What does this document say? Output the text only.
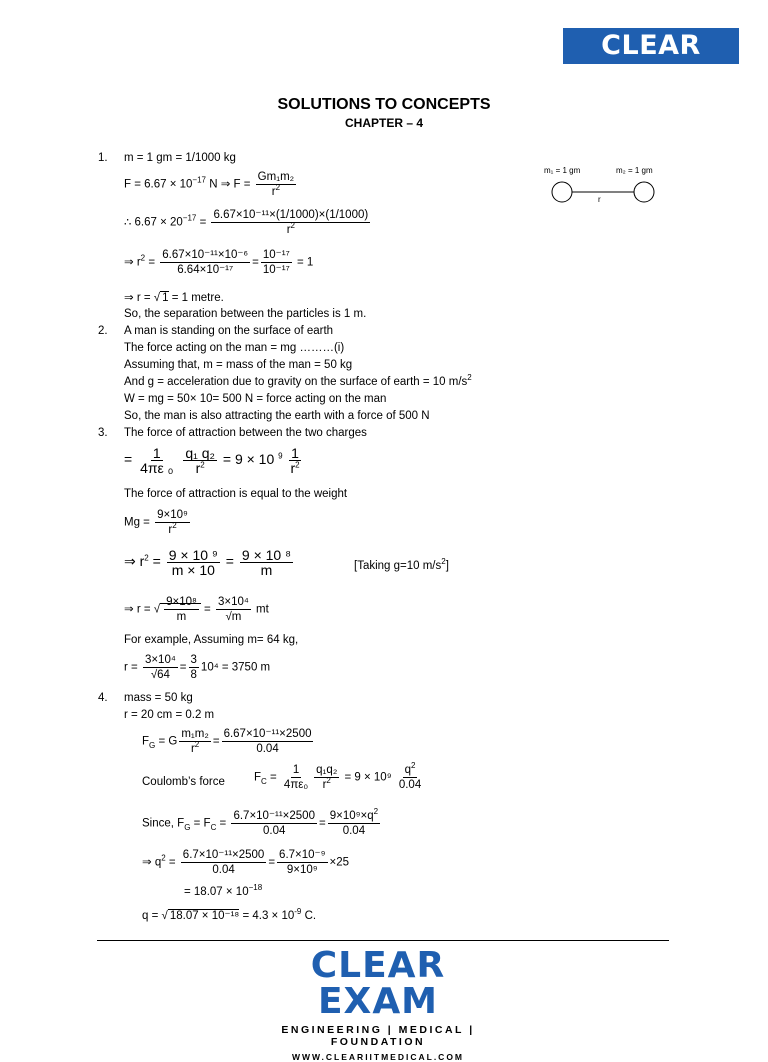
CLEAR EXAM
SOLUTIONS TO CONCEPTS
CHAPTER – 4
m₁ = 1 gm	m₂ = 1 gm
r
1. m = 1 gm = 1/1000 kg
$F = 6.67 \times 10^{-17}$ N ⇒ $F = \frac{\text{Gm₁m₂}}{r^2}$
∴ $6.67 \times 20^{-17} = \frac{\text{6.67×10⁻¹¹×(1/1000)×(1/1000)}}{r^2}$
⇒ $r^2 = \frac{\text{6.67×10⁻¹¹×10⁻⁶}}{\text{6.64×10⁻¹⁷}} = \frac{\text{10⁻¹⁷}}{\text{10⁻¹⁷}} = 1$
⇒ r = √ 1 = 1 metre.
So, the separation between the particles is 1 m.
2. A man is standing on the surface of earth
The force acting on the man = mg ………(i)
Assuming that, m = mass of the man = 50 kg
And g = acceleration due to gravity on the surface of earth = 10 $m/s^2$
W = mg = 50× 10= 500 N = force acting on the man
So, the man is also attracting the earth with a force of 500 N
3. The force of attraction between the two charges
= $\frac{1}{\text{4πε ₀}}$
$\frac{\text{q₁ q₂}}{r^2} = 9 \times 10$ $^9 \frac{1}{r^2}$
The force of attraction is equal to the weight
$Mg = \frac{\text{9×10⁹}}{r^2}$
⇒ $r^2 = \frac{\text{9 × 10 ⁹}}{m \times 10} = \frac{\text{9 × 10 ⁸}}{m}$	[Taking g=10 $m/s^2$]
⇒ r = √ $\frac{\text{9×10⁸}}{m} = \frac{\text{3×10⁴}}{√m}$ mt
For example, Assuming m= 64 kg,
$r = \frac{\text{3×10⁴}}{√64} = \frac{3}{8} 10^4 = 3750$ m
4. mass = 50 kg
r = 20 cm = 0.2 m
$F_G = G \frac{\text{m₁m₂}}{r^2} = \frac{\text{6.67×10⁻¹¹×2500}}{0.04}$
Coulomb’s force	$F_C = \frac{1}{\text{4πε₀}} \frac{\text{q₁q₂}}{r^2} = 9 \times 10^9 \frac{q^2}{0.04}$
Since, $F_G = F_C = \frac{\text{6.7×10⁻¹¹×2500}}{0.04} = \frac{9\times 10^9\times q^2}{0.04}$
⇒ $q^2 = \frac{\text{6.7×10⁻¹¹×2500}}{0.04} = \frac{\text{6.7×10⁻⁹}}{\text{9×10⁹}} \times 25$
= $18.07 \times 10^{-18}$
q = √ $18.07 \times 10^{-18} = 4.3 \times 10^{-9}$ C.
CLEAR EXAM
ENGINEERING | MEDICAL | FOUNDATION
WWW.CLEARIITMEDICAL.COM
